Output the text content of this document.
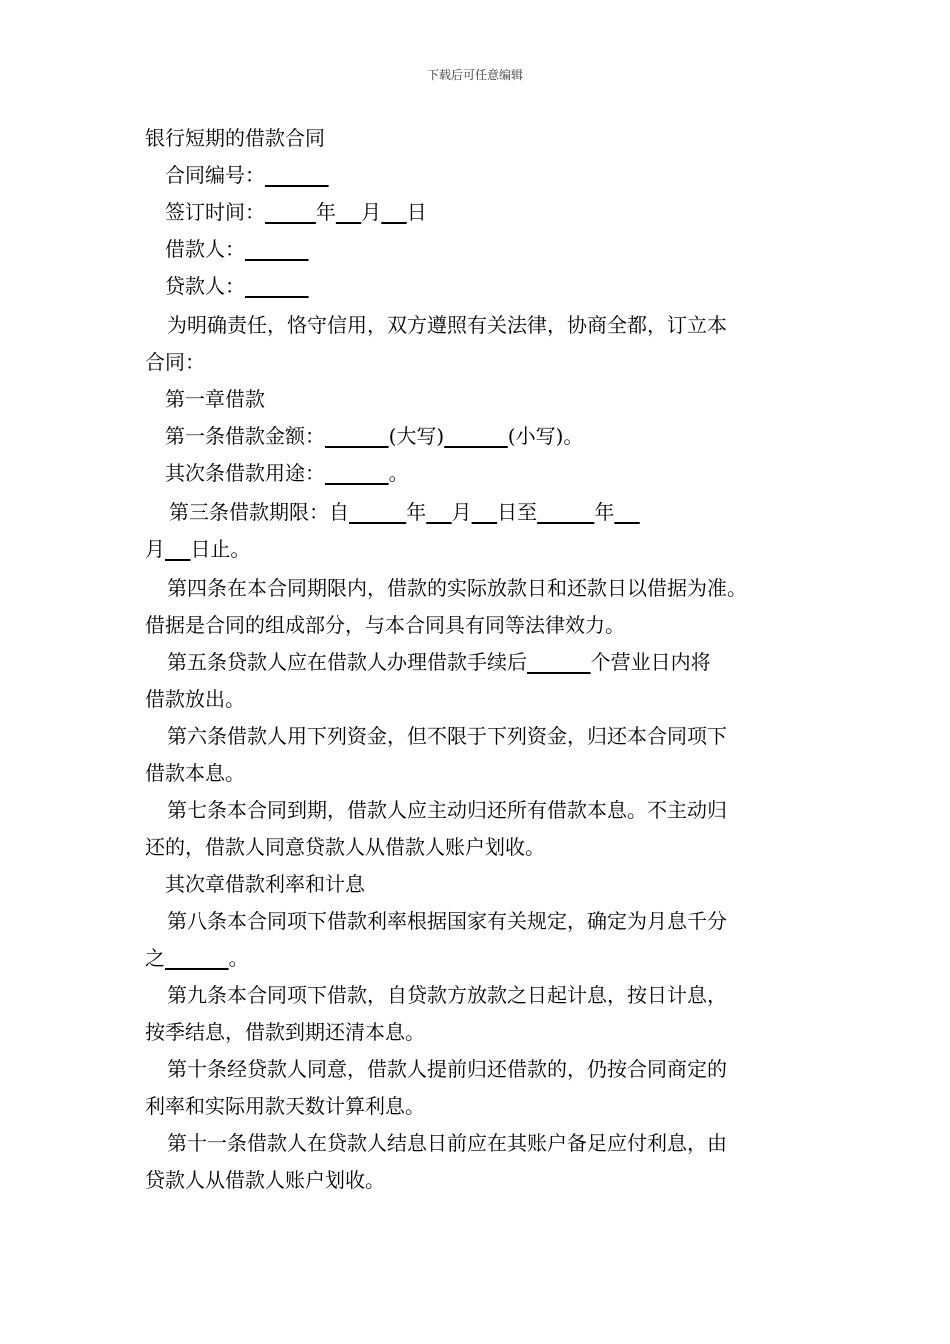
下载后可任意编辑
银行短期的借款合同
合同编号：
签订时间：	年 月 日
借款人：
贷款人：
为明确责任，恪守信用，双方遵照有关法律，协商全都，订立本
合同：
第一章借款
第一条借款金额：	(大写)	(小写)。
其次条借款用途：	。
第三条借款期限：自	年 月 日至	年
月 日止。
第四条在本合同期限内，借款的实际放款日和还款日以借据为准。
借据是合同的组成部分，与本合同具有同等法律效力。
第五条贷款人应在借款人办理借款手续后	个营业日内将
借款放出。
第六条借款人用下列资金，但不限于下列资金，归还本合同项下
借款本息。
第七条本合同到期，借款人应主动归还所有借款本息。不主动归
还的，借款人同意贷款人从借款人账户划收。
其次章借款利率和计息
第八条本合同项下借款利率根据国家有关规定，确定为月息千分
之	。
第九条本合同项下借款，自贷款方放款之日起计息，按日计息，
按季结息，借款到期还清本息。
第十条经贷款人同意，借款人提前归还借款的，仍按合同商定的
利率和实际用款天数计算利息。
第十一条借款人在贷款人结息日前应在其账户备足应付利息，由
贷款人从借款人账户划收。
